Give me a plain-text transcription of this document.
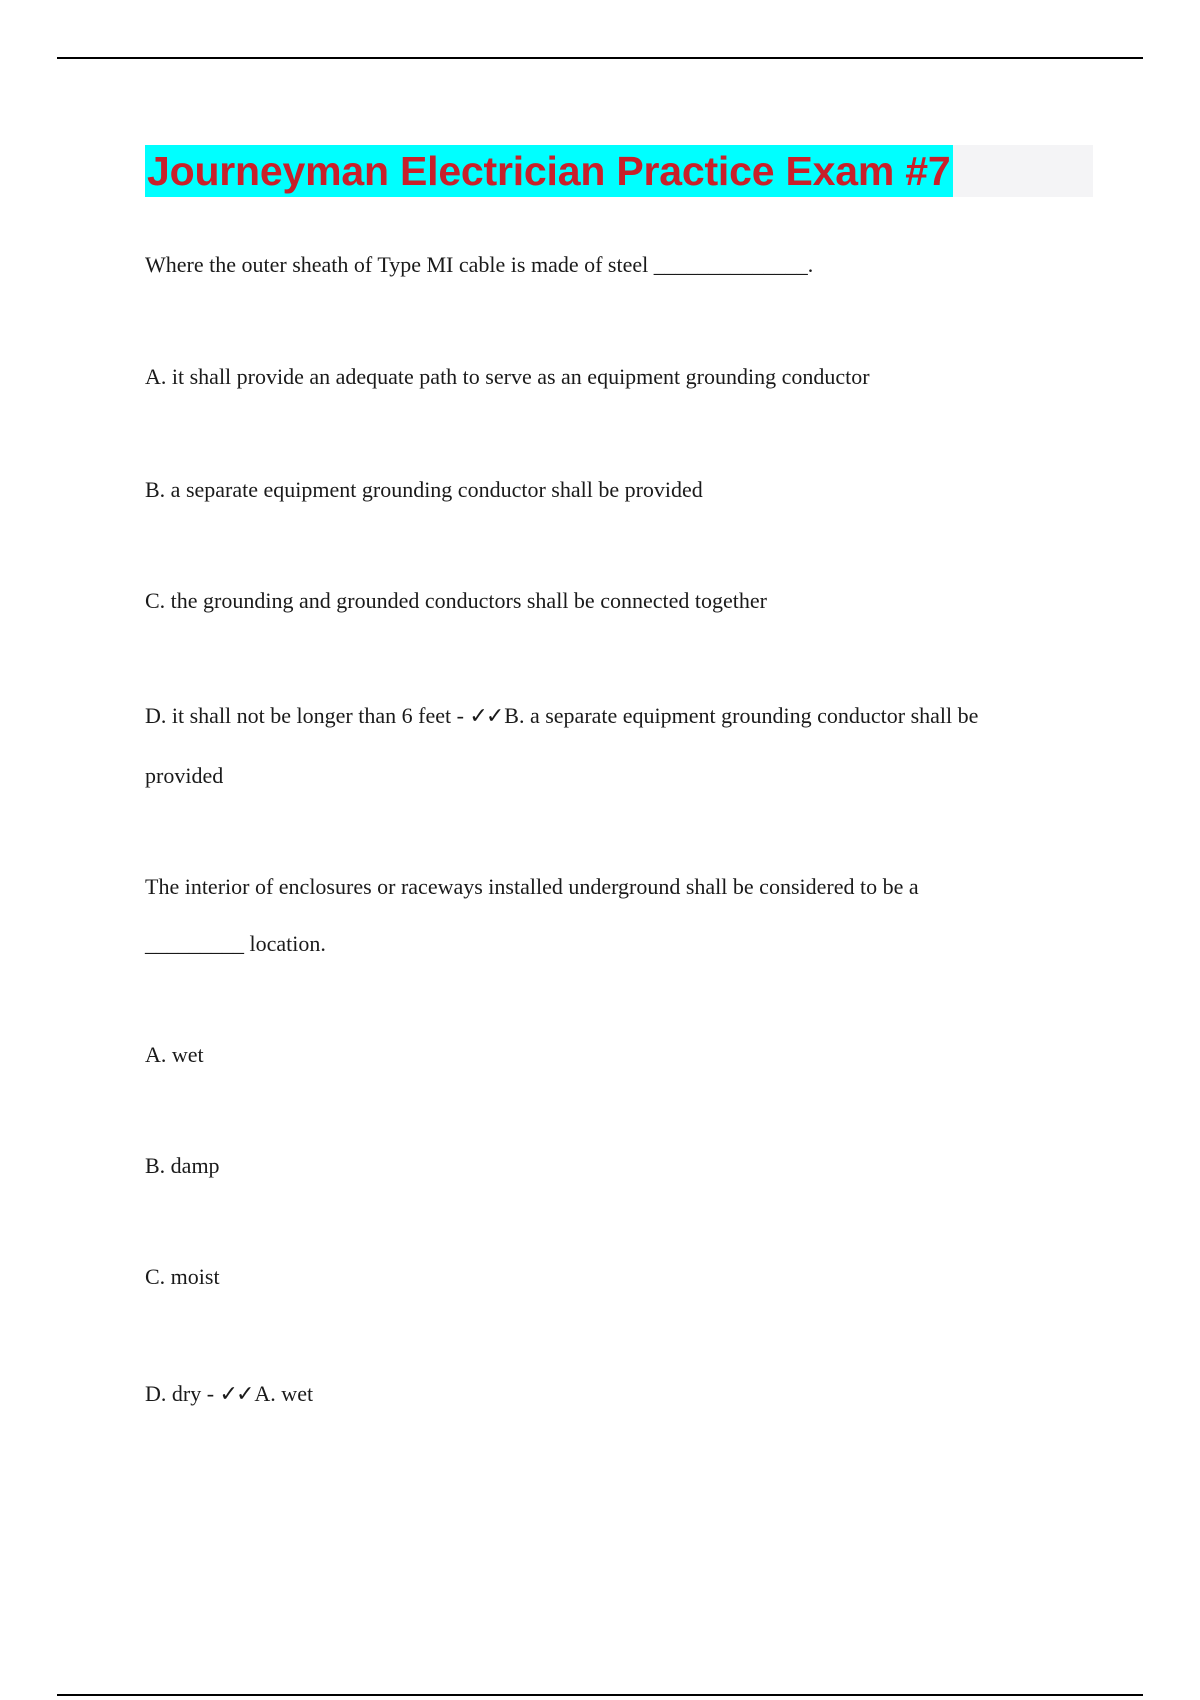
Journeyman Electrician Practice Exam #7
Where the outer sheath of Type MI cable is made of steel ______________.
A. it shall provide an adequate path to serve as an equipment grounding conductor
B. a separate equipment grounding conductor shall be provided
C. the grounding and grounded conductors shall be connected together
D. it shall not be longer than 6 feet - ✓✓B. a separate equipment grounding conductor shall be
provided
The interior of enclosures or raceways installed underground shall be considered to be a
_________ location.
A. wet
B. damp
C. moist
D. dry - ✓✓A. wet
